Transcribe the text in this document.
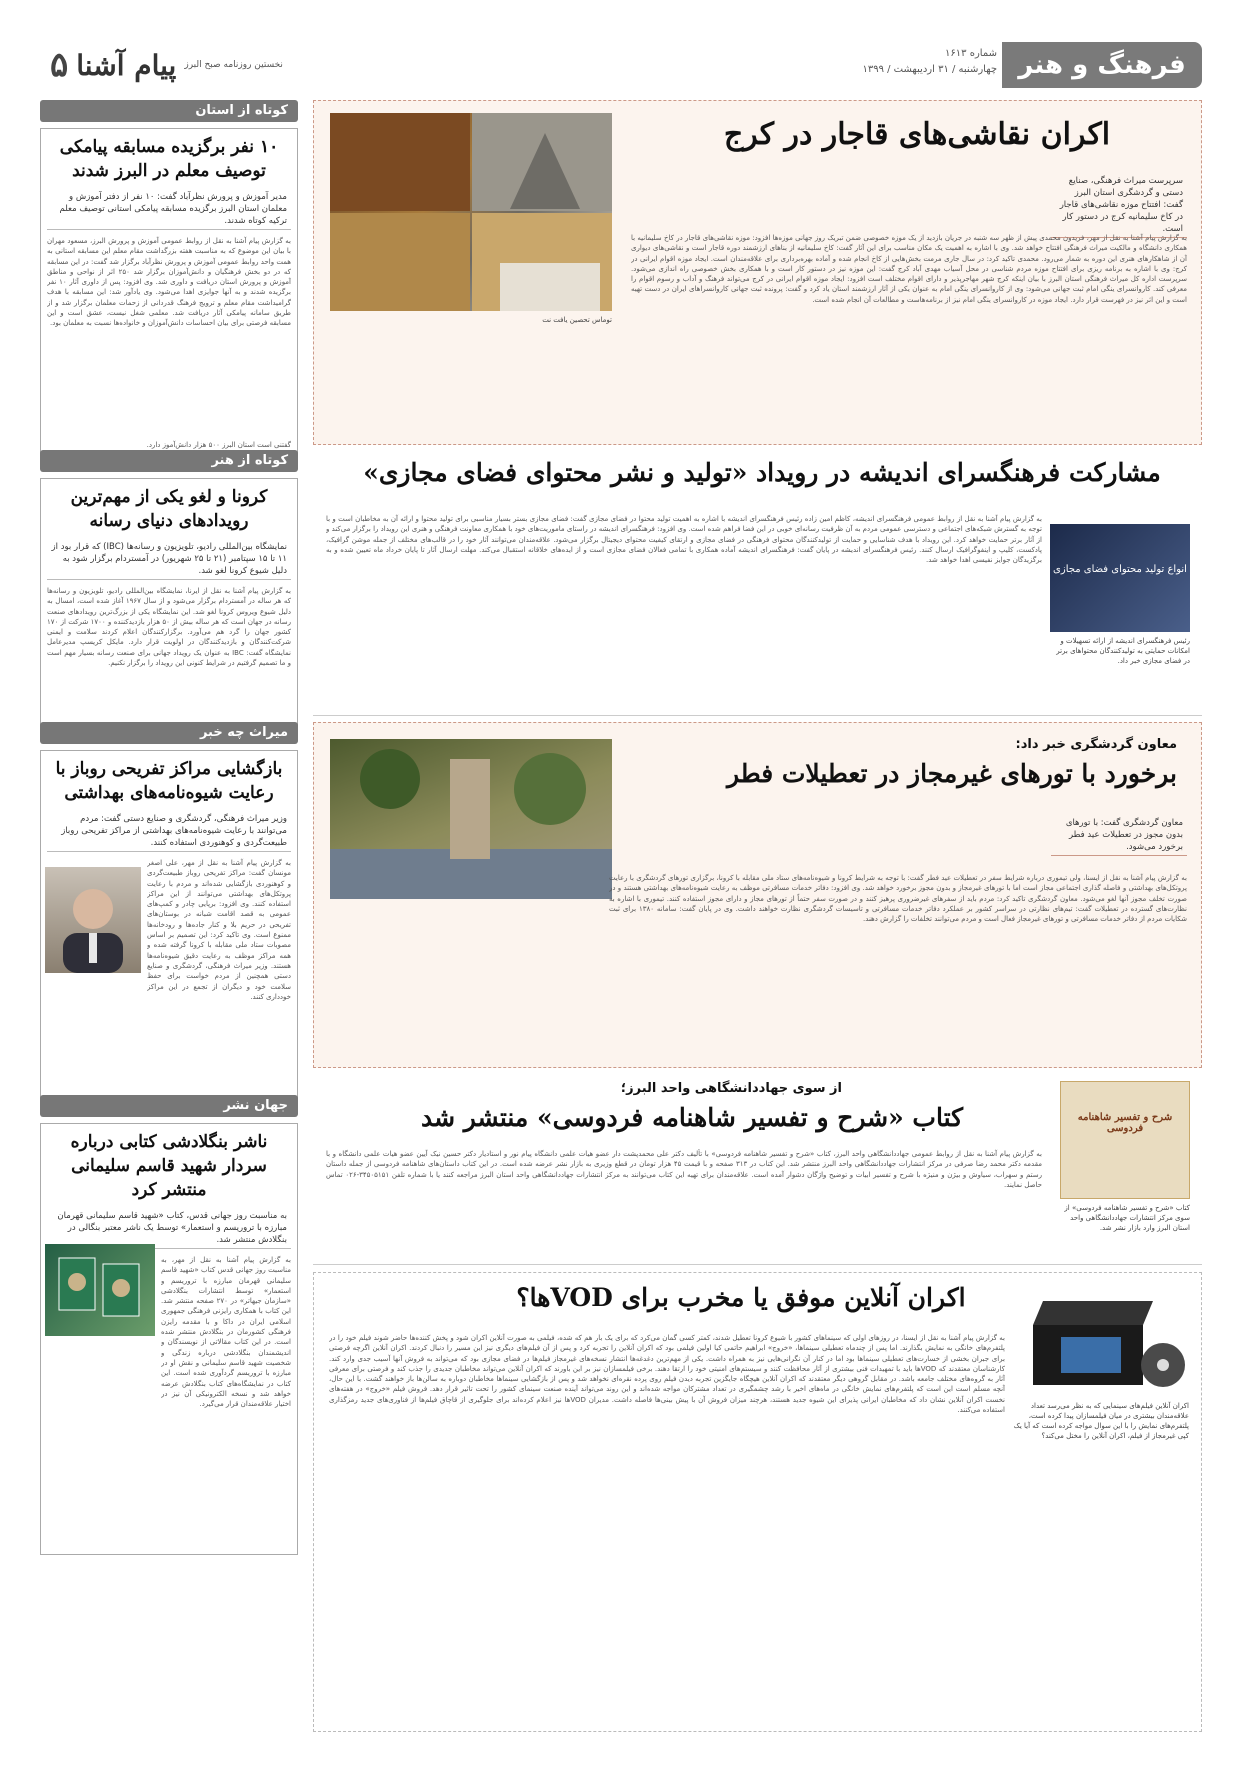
فرهنگ و هنر
شماره ۱۶۱۳
چهارشنبه / ۳۱ اردیبهشت / ۱۳۹۹
۵ پیام آشنا نخستین روزنامه صبح البرز
کوتاه از استان
۱۰ نفر برگزیده مسابقه پیامکی توصیف معلم در البرز شدند
مدیر آموزش و پرورش نظرآباد گفت: ۱۰ نفر از دفتر آموزش و معلمان استان البرز برگزیده مسابقه پیامکی استانی توصیف معلم ترکیه کوتاه شدند.
به گزارش پیام آشنا به نقل از روابط عمومی آموزش و پرورش البرز، مسعود مهران با بیان این موضوع که به مناسبت هفته بزرگداشت مقام معلم این مسابقه استانی به همت واحد روابط عمومی آموزش و پرورش نظرآباد برگزار شد گفت: در این مسابقه که در دو بخش فرهنگیان و دانش‌آموزان برگزار شد ۲۵۰ اثر از نواحی و مناطق آموزش و پرورش استان دریافت و داوری شد. وی افزود: پس از داوری آثار ۱۰ نفر برگزیده شدند و به آنها جوایزی اهدا می‌شود. وی یادآور شد: این مسابقه با هدف گرامیداشت مقام معلم و ترویج فرهنگ قدردانی از زحمات معلمان برگزار شد و از طریق سامانه پیامکی آثار دریافت شد. معلمی شغل نیست، عشق است و این مسابقه فرصتی برای بیان احساسات دانش‌آموزان و خانواده‌ها نسبت به معلمان بود.
گفتنی است استان البرز ۵۰۰ هزار دانش‌آموز دارد.
کوتاه از هنر
کرونا و لغو یکی از مهم‌ترین رویدادهای دنیای رسانه
نمایشگاه بین‌المللی رادیو، تلویزیون و رسانه‌ها (IBC) که قرار بود از ۱۱ تا ۱۵ سپتامبر (۲۱ تا ۲۵ شهریور) در آمستردام برگزار شود به دلیل شیوع کرونا لغو شد.
به گزارش پیام آشنا به نقل از ایرنا، نمایشگاه بین‌المللی رادیو، تلویزیون و رسانه‌ها که هر ساله در آمستردام برگزار می‌شود و از سال ۱۹۶۷ آغاز شده است، امسال به دلیل شیوع ویروس کرونا لغو شد. این نمایشگاه یکی از بزرگ‌ترین رویدادهای صنعت رسانه در جهان است که هر ساله بیش از ۵۰ هزار بازدیدکننده و ۱۷۰۰ شرکت از ۱۷۰ کشور جهان را گرد هم می‌آورد. برگزارکنندگان اعلام کردند سلامت و ایمنی شرکت‌کنندگان و بازدیدکنندگان در اولویت قرار دارد. مایکل کریسپ مدیرعامل نمایشگاه گفت: IBC به عنوان یک رویداد جهانی برای صنعت رسانه بسیار مهم است و ما تصمیم گرفتیم در شرایط کنونی این رویداد را برگزار نکنیم.
میراث چه خبر
بازگشایی مراکز تفریحی روباز با رعایت شیوه‌نامه‌های بهداشتی
وزیر میراث فرهنگی، گردشگری و صنایع دستی گفت: مردم می‌توانند با رعایت شیوه‌نامه‌های بهداشتی از مراکز تفریحی روباز طبیعت‌گردی و کوهنوردی استفاده کنند.
به گزارش پیام آشنا به نقل از مهر، علی اصغر مونسان گفت: مراکز تفریحی روباز طبیعت‌گردی و کوهنوردی بازگشایی شده‌اند و مردم با رعایت پروتکل‌های بهداشتی می‌توانند از این مراکز استفاده کنند. وی افزود: برپایی چادر و کمپ‌های عمومی به قصد اقامت شبانه در بوستان‌های تفریحی در حریم بلا و کنار جاده‌ها و رودخانه‌ها ممنوع است. وی تاکید کرد: این تصمیم بر اساس مصوبات ستاد ملی مقابله با کرونا گرفته شده و همه مراکز موظف به رعایت دقیق شیوه‌نامه‌ها هستند. وزیر میراث فرهنگی، گردشگری و صنایع دستی همچنین از مردم خواست برای حفظ سلامت خود و دیگران از تجمع در این مراکز خودداری کنند.
جهان نشر
ناشر بنگلادشی کتابی درباره سردار شهید قاسم سلیمانی منتشر کرد
به مناسبت روز جهانی قدس، کتاب «شهید قاسم سلیمانی قهرمان مبارزه با تروریسم و استعمار» توسط یک ناشر معتبر بنگالی در بنگلادش منتشر شد.
به گزارش پیام آشنا به نقل از مهر، به مناسبت روز جهانی قدس کتاب «شهید قاسم سلیمانی قهرمان مبارزه با تروریسم و استعمار» توسط انتشارات بنگلادشی «سازمان جیهاتر» در ۲۷۰ صفحه منتشر شد. این کتاب با همکاری رایزنی فرهنگی جمهوری اسلامی ایران در داکا و با مقدمه رایزن فرهنگی کشورمان در بنگلادش منتشر شده است. در این کتاب مقالاتی از نویسندگان و اندیشمندان بنگلادشی درباره زندگی و شخصیت شهید قاسم سلیمانی و نقش او در مبارزه با تروریسم گردآوری شده است. این کتاب در نمایشگاه‌های کتاب بنگلادش عرضه خواهد شد و نسخه الکترونیکی آن نیز در اختیار علاقه‌مندان قرار می‌گیرد.
اکران نقاشی‌های قاجار در کرج
سرپرست میراث فرهنگی، صنایع دستی و گردشگری استان البرز گفت: افتتاح موزه نقاشی‌های قاجار در کاخ سلیمانیه کرج در دستور کار است.
به گزارش پیام آشنا به نقل از مهر، فریدون محمدی پیش از ظهر سه شنبه در جریان بازدید از یک موزه خصوصی ضمن تبریک روز جهانی موزه‌ها افزود: موزه نقاشی‌های قاجار در کاخ سلیمانیه با همکاری دانشگاه و مالکیت میراث فرهنگی افتتاح خواهد شد. وی با اشاره به اهمیت یک مکان مناسب برای این آثار گفت: کاخ سلیمانیه از بناهای ارزشمند دوره قاجار است و نقاشی‌های دیواری آن از شاهکارهای هنری این دوره به شمار می‌رود. محمدی تاکید کرد: در سال جاری مرمت بخش‌هایی از کاخ انجام شده و آماده بهره‌برداری برای علاقه‌مندان است. ایجاد موزه اقوام ایرانی در کرج: وی با اشاره به برنامه ریزی برای افتتاح موزه مردم شناسی در محل آسیاب مهدی آباد کرج گفت: این موزه نیز در دستور کار است و با همکاری بخش خصوصی راه اندازی می‌شود. سرپرست اداره کل میراث فرهنگی استان البرز با بیان اینکه کرج شهر مهاجرپذیر و دارای اقوام مختلف است افزود: ایجاد موزه اقوام ایرانی در کرج می‌تواند فرهنگ و آداب و رسوم اقوام را معرفی کند. کاروانسرای ینگی امام ثبت جهانی می‌شود: وی از کاروانسرای ینگی امام به عنوان یکی از آثار ارزشمند استان یاد کرد و گفت: پرونده ثبت جهانی کاروانسراهای ایران در دست تهیه است و این اثر نیز در فهرست قرار دارد. ایجاد موزه در کاروانسرای ینگی امام نیز از برنامه‌هاست و مطالعات آن انجام شده است.
توماس تحصین یافت نت
مشارکت فرهنگسرای اندیشه در رویداد «تولید و نشر محتوای فضای مجازی»
انواع تولید محتوای فضای مجازی
رئیس فرهنگسرای اندیشه از ارائه تسهیلات و امکانات حمایتی به تولیدکنندگان محتواهای برتر در فضای مجازی خبر داد.
به گزارش پیام آشنا به نقل از روابط عمومی فرهنگسرای اندیشه، کاظم امین زاده رئیس فرهنگسرای اندیشه با اشاره به اهمیت تولید محتوا در فضای مجازی گفت: فضای مجازی بستر بسیار مناسبی برای تولید محتوا و ارائه آن به مخاطبان است و با توجه به گسترش شبکه‌های اجتماعی و دسترسی عمومی مردم به آن ظرفیت رسانه‌ای خوبی در این فضا فراهم شده است. وی افزود: فرهنگسرای اندیشه در راستای ماموریت‌های خود با همکاری معاونت فرهنگی و هنری این رویداد را برگزار می‌کند و از آثار برتر حمایت خواهد کرد. این رویداد با هدف شناسایی و حمایت از تولیدکنندگان محتوای فرهنگی در فضای مجازی و ارتقای کیفیت محتوای دیجیتال برگزار می‌شود. علاقه‌مندان می‌توانند آثار خود را در قالب‌های مختلف از جمله موشن گرافیک، پادکست، کلیپ و اینفوگرافیک ارسال کنند. رئیس فرهنگسرای اندیشه در پایان گفت: فرهنگسرای اندیشه آماده همکاری با تمامی فعالان فضای مجازی است و از ایده‌های خلاقانه استقبال می‌کند. مهلت ارسال آثار تا پایان خرداد ماه تعیین شده و به برگزیدگان جوایز نفیسی اهدا خواهد شد.
معاون گردشگری خبر داد:
برخورد با تورهای غیرمجاز در تعطیلات فطر
معاون گردشگری گفت: با تورهای بدون مجوز در تعطیلات عید فطر برخورد می‌شود.
به گزارش پیام آشنا به نقل از ایسنا، ولی تیموری درباره شرایط سفر در تعطیلات عید فطر گفت: با توجه به شرایط کرونا و شیوه‌نامه‌های ستاد ملی مقابله با کرونا، برگزاری تورهای گردشگری با رعایت پروتکل‌های بهداشتی و فاصله گذاری اجتماعی مجاز است اما با تورهای غیرمجاز و بدون مجوز برخورد خواهد شد. وی افزود: دفاتر خدمات مسافرتی موظف به رعایت شیوه‌نامه‌های بهداشتی هستند و در صورت تخلف مجوز آنها لغو می‌شود. معاون گردشگری تاکید کرد: مردم باید از سفرهای غیرضروری پرهیز کنند و در صورت سفر حتماً از تورهای مجاز و دارای مجوز استفاده کنند. تیموری با اشاره به نظارت‌های گسترده در تعطیلات گفت: تیم‌های نظارتی در سراسر کشور بر عملکرد دفاتر خدمات مسافرتی و تاسیسات گردشگری نظارت خواهند داشت. وی در پایان گفت: سامانه ۱۳۸۰ برای ثبت شکایات مردم از دفاتر خدمات مسافرتی و تورهای غیرمجاز فعال است و مردم می‌توانند تخلفات را گزارش دهند.
شرح و تفسیر شاهنامه فردوسی
کتاب «شرح و تفسیر شاهنامه فردوسی» از سوی مرکز انتشارات جهاددانشگاهی واحد استان البرز وارد بازار نشر شد.
از سوی جهاددانشگاهی واحد البرز؛
کتاب «شرح و تفسیر شاهنامه فردوسی» منتشر شد
به گزارش پیام آشنا به نقل از روابط عمومی جهاددانشگاهی واحد البرز، کتاب «شرح و تفسیر شاهنامه فردوسی» با تألیف دکتر علی محمدپشت دار عضو هیات علمی دانشگاه پیام نور و استادیار دکتر حسین نیک آیین عضو هیات علمی دانشگاه و با مقدمه دکتر محمد رضا صرفی در مرکز انتشارات جهاددانشگاهی واحد البرز منتشر شد. این کتاب در ۳۱۳ صفحه و با قیمت ۴۵ هزار تومان در قطع وزیری به بازار نشر عرضه شده است. در این کتاب داستان‌های شاهنامه فردوسی از جمله داستان رستم و سهراب، سیاوش و بیژن و منیژه با شرح و تفسیر ابیات و توضیح واژگان دشوار آمده است. علاقه‌مندان برای تهیه این کتاب می‌توانند به مرکز انتشارات جهاددانشگاهی واحد استان البرز مراجعه کنند یا با شماره تلفن ۳۴۵۰۵۱۵۱-۰۲۶ تماس حاصل نمایند.
اکران آنلاین موفق یا مخرب برای VODها؟
اکران آنلاین فیلم‌های سینمایی که به نظر می‌رسد تعداد علاقه‌مندان بیشتری در میان فیلمسازان پیدا کرده است، پلتفرم‌های نمایش را با این سوال مواجه کرده است که آیا یک کپی غیرمجاز از فیلم، اکران آنلاین را مختل می‌کند؟
به گزارش پیام آشنا به نقل از ایسنا، در روزهای اولی که سینماهای کشور با شیوع کرونا تعطیل شدند، کمتر کسی گمان می‌کرد که برای یک بار هم که شده، فیلمی به صورت آنلاین اکران شود و پخش کننده‌ها حاضر شوند فیلم خود را در پلتفرم‌های خانگی به نمایش بگذارند. اما پس از چندماه تعطیلی سینماها، «خروج» ابراهیم حاتمی کیا اولین فیلمی بود که اکران آنلاین را تجربه کرد و پس از آن فیلم‌های دیگری نیز این مسیر را دنبال کردند. اکران آنلاین اگرچه فرصتی برای جبران بخشی از خسارت‌های تعطیلی سینماها بود اما در کنار آن نگرانی‌هایی نیز به همراه داشت. یکی از مهم‌ترین دغدغه‌ها انتشار نسخه‌های غیرمجاز فیلم‌ها در فضای مجازی بود که می‌تواند به فروش آنها آسیب جدی وارد کند. کارشناسان معتقدند که VODها باید با تمهیدات فنی بیشتری از آثار محافظت کنند و سیستم‌های امنیتی خود را ارتقا دهند. برخی فیلمسازان نیز بر این باورند که اکران آنلاین می‌تواند مخاطبان جدیدی را جذب کند و فرصتی برای معرفی آثار به گروه‌های مختلف جامعه باشد. در مقابل گروهی دیگر معتقدند که اکران آنلاین هیچگاه جایگزین تجربه دیدن فیلم روی پرده نقره‌ای نخواهد شد و پس از بازگشایی سینماها مخاطبان دوباره به سالن‌ها باز خواهند گشت. با این حال، آنچه مسلم است این است که پلتفرم‌های نمایش خانگی در ماه‌های اخیر با رشد چشمگیری در تعداد مشترکان مواجه شده‌اند و این روند می‌تواند آینده صنعت سینمای کشور را تحت تاثیر قرار دهد. فروش فیلم «خروج» در هفته‌های نخست اکران آنلاین نشان داد که مخاطبان ایرانی پذیرای این شیوه جدید هستند، هرچند میزان فروش آن با پیش بینی‌ها فاصله داشت. مدیران VODها نیز اعلام کرده‌اند برای جلوگیری از قاچاق فیلم‌ها از فناوری‌های جدید رمزگذاری استفاده می‌کنند.
